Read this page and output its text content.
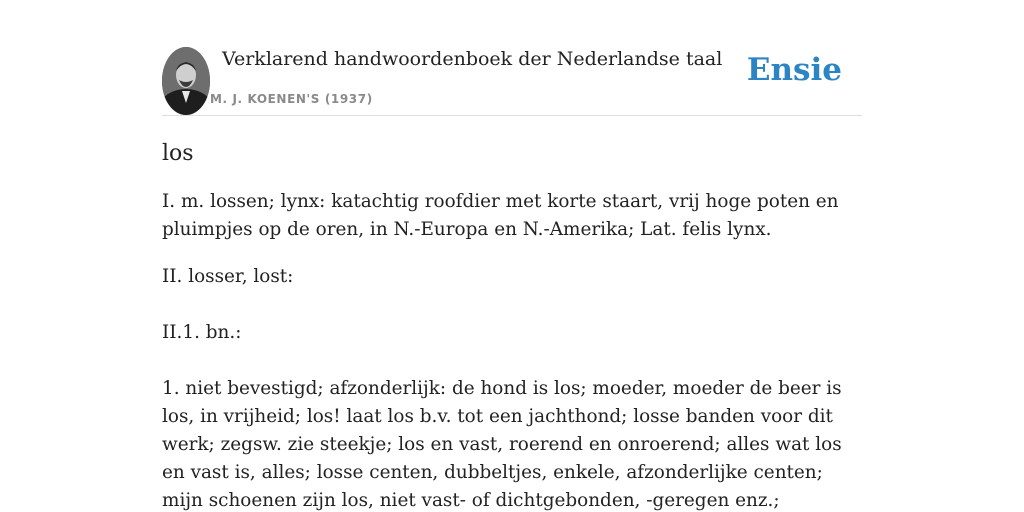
Verklarend handwoordenboek der Nederlandse taal
M. J. KOENEN'S (1937)
Ensie
los

I. m. lossen; lynx: katachtig roofdier met korte staart, vrij hoge poten en pluimpjes op de oren, in N.-Europa en N.-Amerika; Lat. felis lynx.

II. losser, lost:

II.1. bn.:

1. niet bevestigd; afzonderlijk: de hond is los; moeder, moeder de beer is los, in vrijheid; los! laat los b.v. tot een jachthond; losse banden voor dit werk; zegsw. zie steekje; los en vast, roerend en onroerend; alles wat los en vast is, alles; losse centen, dubbeltjes, enkele, afzonderlijke centen; mijn schoenen zijn los, niet vast- of dichtgebonden, -geregen enz.;
